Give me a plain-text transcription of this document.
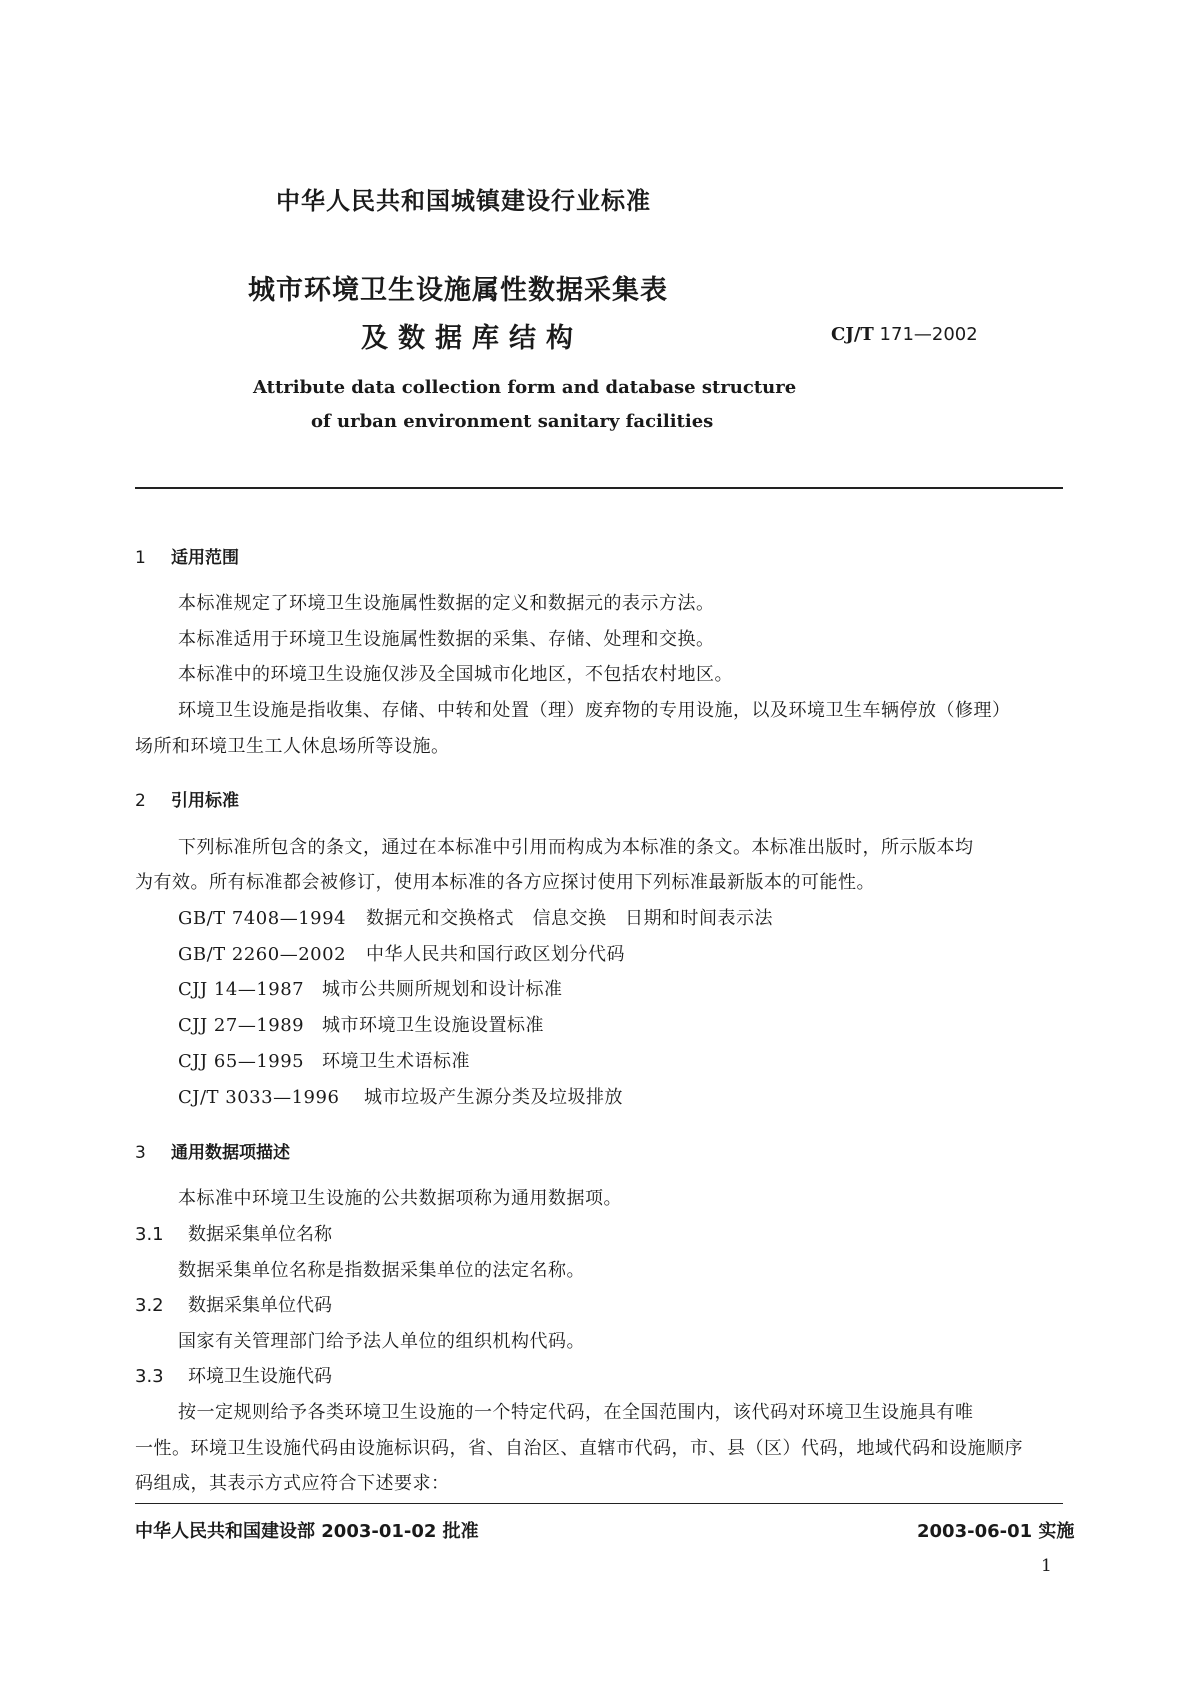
中华人民共和国城镇建设行业标准
城市环境卫生设施属性数据采集表
及数据库结构	CJ/T 171—2002
Attribute data collection form and database structure
of urban environment sanitary facilities
1 适用范围
本标准规定了环境卫生设施属性数据的定义和数据元的表示方法。
本标准适用于环境卫生设施属性数据的采集、存储、处理和交换。
本标准中的环境卫生设施仅涉及全国城市化地区，不包括农村地区。
环境卫生设施是指收集、存储、中转和处置（理）废弃物的专用设施，以及环境卫生车辆停放（修理）
场所和环境卫生工人休息场所等设施。
2 引用标准
下列标准所包含的条文，通过在本标准中引用而构成为本标准的条文。本标准出版时，所示版本均
为有效。所有标准都会被修订，使用本标准的各方应探讨使用下列标准最新版本的可能性。
GB/T 7408—1994 数据元和交换格式　信息交换　日期和时间表示法
GB/T 2260—2002 中华人民共和国行政区划分代码
CJJ 14—1987 城市公共厕所规划和设计标准
CJJ 27—1989 城市环境卫生设施设置标准
CJJ 65—1995 环境卫生术语标准
CJ/T 3033—1996 城市垃圾产生源分类及垃圾排放
3 通用数据项描述
本标准中环境卫生设施的公共数据项称为通用数据项。
3.1 数据采集单位名称
数据采集单位名称是指数据采集单位的法定名称。
3.2 数据采集单位代码
国家有关管理部门给予法人单位的组织机构代码。
3.3 环境卫生设施代码
按一定规则给予各类环境卫生设施的一个特定代码，在全国范围内，该代码对环境卫生设施具有唯
一性。环境卫生设施代码由设施标识码，省、自治区、直辖市代码，市、县（区）代码，地域代码和设施顺序
码组成，其表示方式应符合下述要求：
中华人民共和国建设部 2003-01-02 批准	2003-06-01 实施
1
